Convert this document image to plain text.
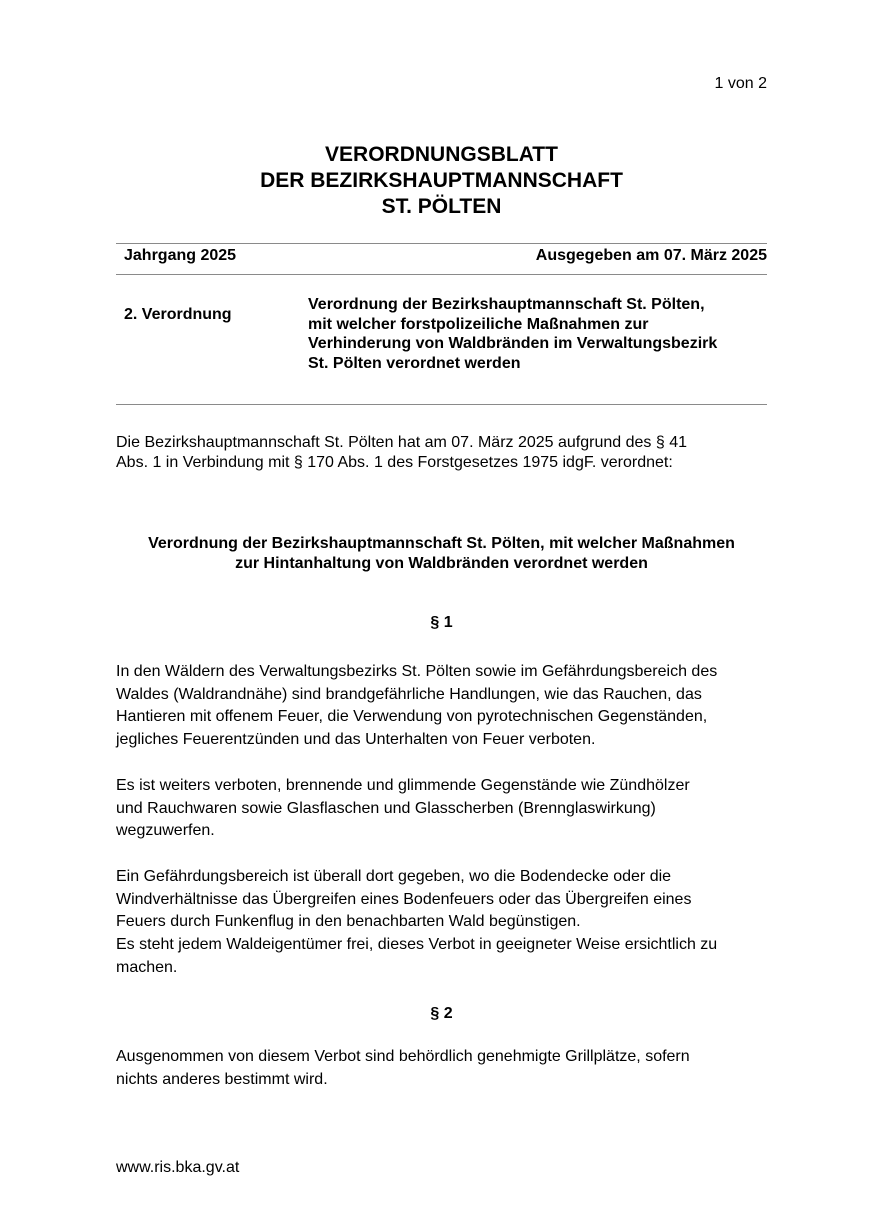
1 von 2
VERORDNUNGSBLATT
DER BEZIRKSHAUPTMANNSCHAFT
ST. PÖLTEN
Jahrgang 2025	Ausgegeben am 07. März 2025
2. Verordnung
Verordnung der Bezirkshauptmannschaft St. Pölten,
mit welcher forstpolizeiliche Maßnahmen zur
Verhinderung von Waldbränden im Verwaltungsbezirk
St. Pölten verordnet werden
Die Bezirkshauptmannschaft St. Pölten hat am 07. März 2025 aufgrund des § 41
Abs. 1 in Verbindung mit § 170 Abs. 1 des Forstgesetzes 1975 idgF. verordnet:
Verordnung der Bezirkshauptmannschaft St. Pölten, mit welcher Maßnahmen
zur Hintanhaltung von Waldbränden verordnet werden
§ 1
In den Wäldern des Verwaltungsbezirks St. Pölten sowie im Gefährdungsbereich des
Waldes (Waldrandnähe) sind brandgefährliche Handlungen, wie das Rauchen, das
Hantieren mit offenem Feuer, die Verwendung von pyrotechnischen Gegenständen,
jegliches Feuerentzünden und das Unterhalten von Feuer verboten.
Es ist weiters verboten, brennende und glimmende Gegenstände wie Zündhölzer
und Rauchwaren sowie Glasflaschen und Glasscherben (Brennglaswirkung)
wegzuwerfen.
Ein Gefährdungsbereich ist überall dort gegeben, wo die Bodendecke oder die
Windverhältnisse das Übergreifen eines Bodenfeuers oder das Übergreifen eines
Feuers durch Funkenflug in den benachbarten Wald begünstigen.
Es steht jedem Waldeigentümer frei, dieses Verbot in geeigneter Weise ersichtlich zu
machen.
§ 2
Ausgenommen von diesem Verbot sind behördlich genehmigte Grillplätze, sofern
nichts anderes bestimmt wird.
www.ris.bka.gv.at
